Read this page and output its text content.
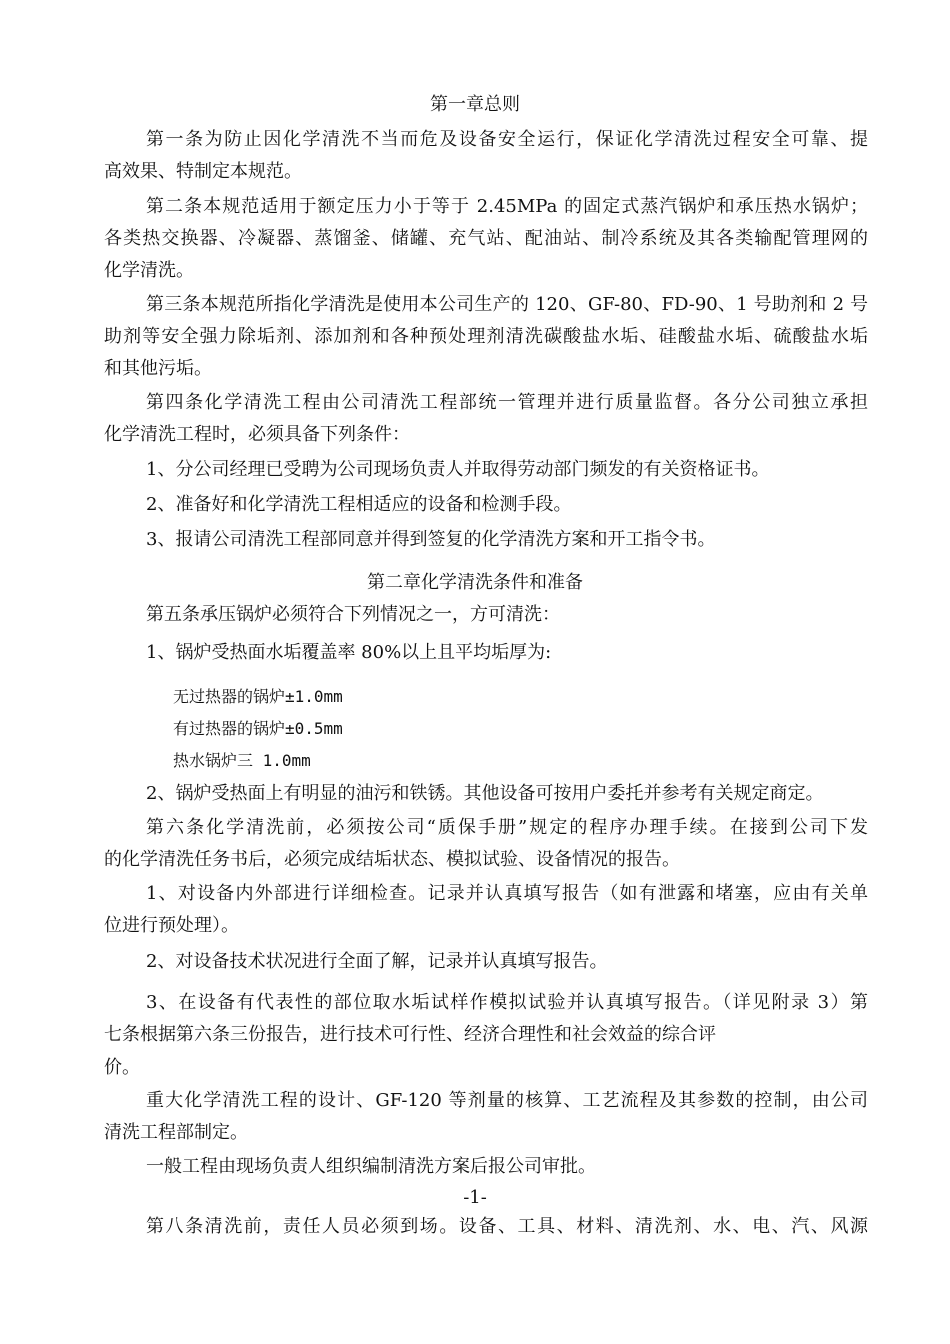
第一章总则
第一条为防止因化学清洗不当而危及设备安全运行，保证化学清洗过程安全可靠、提
高效果、特制定本规范。
第二条本规范适用于额定压力小于等于 2.45MPa 的固定式蒸汽锅炉和承压热水锅炉；
各类热交换器、冷凝器、蒸馏釜、储罐、充气站、配油站、制冷系统及其各类输配管理网的
化学清洗。
第三条本规范所指化学清洗是使用本公司生产的 120、GF-80、FD-90、1 号助剂和 2 号
助剂等安全强力除垢剂、添加剂和各种预处理剂清洗碳酸盐水垢、硅酸盐水垢、硫酸盐水垢
和其他污垢。
第四条化学清洗工程由公司清洗工程部统一管理并进行质量监督。各分公司独立承担
化学清洗工程时，必须具备下列条件：
1、分公司经理已受聘为公司现场负责人并取得劳动部门频发的有关资格证书。
2、准备好和化学清洗工程相适应的设备和检测手段。
3、报请公司清洗工程部同意并得到签复的化学清洗方案和开工指令书。
第二章化学清洗条件和准备
第五条承压锅炉必须符合下列情况之一，方可清洗：
1、锅炉受热面水垢覆盖率 80%以上且平均垢厚为:
无过热器的锅炉±1.0mm
有过热器的锅炉±0.5mm
热水锅炉三 1.0mm
2、锅炉受热面上有明显的油污和铁锈。其他设备可按用户委托并参考有关规定商定。
第六条化学清洗前，必须按公司“质保手册”规定的程序办理手续。在接到公司下发
的化学清洗任务书后，必须完成结垢状态、模拟试验、设备情况的报告。
1、对设备内外部进行详细检查。记录并认真填写报告（如有泄露和堵塞，应由有关单
位进行预处理）。
2、对设备技术状况进行全面了解，记录并认真填写报告。
3、在设备有代表性的部位取水垢试样作模拟试验并认真填写报告。（详见附录 3）第
七条根据第六条三份报告，进行技术可行性、经济合理性和社会效益的综合评
价。
重大化学清洗工程的设计、GF-120 等剂量的核算、工艺流程及其参数的控制，由公司
清洗工程部制定。
一般工程由现场负责人组织编制清洗方案后报公司审批。
-1-
第八条清洗前，责任人员必须到场。设备、工具、材料、清洗剂、水、电、汽、风源
